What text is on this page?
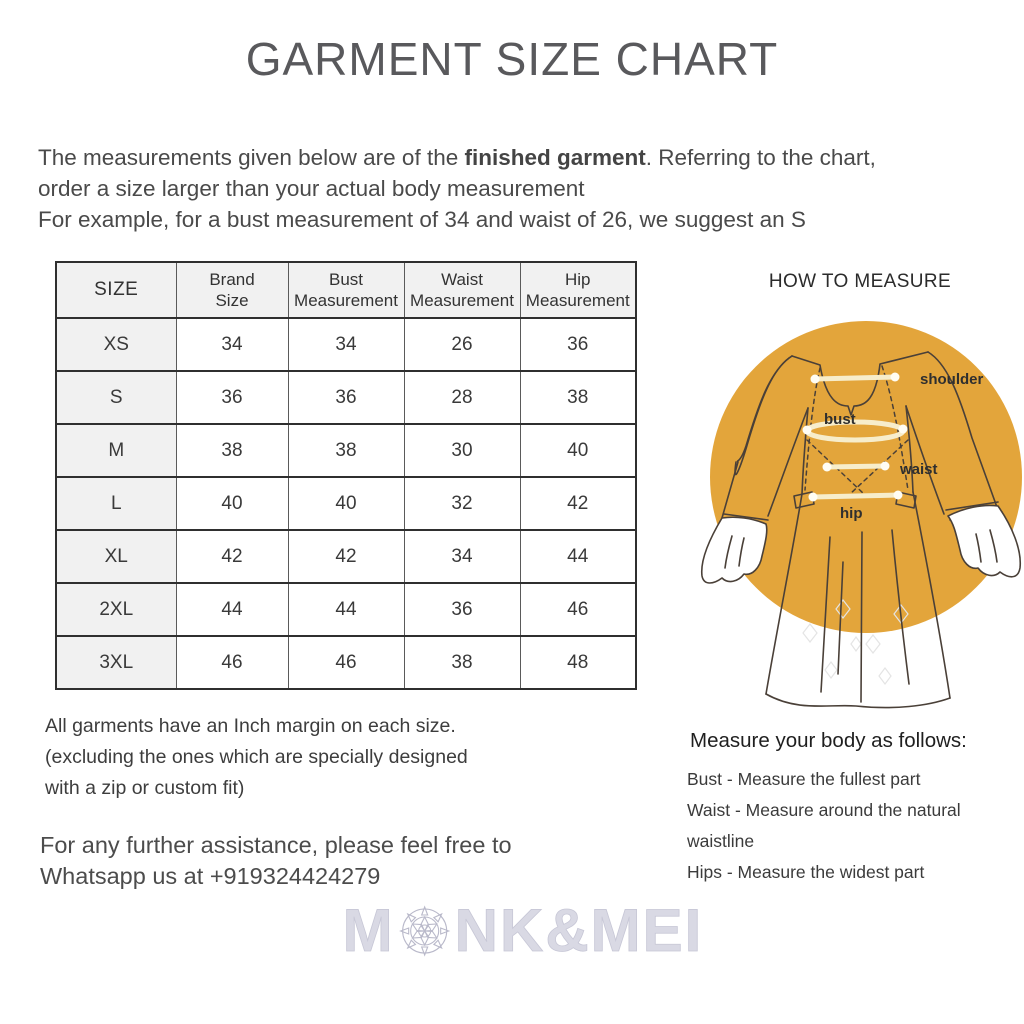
GARMENT SIZE CHART
The measurements given below are of the finished garment. Referring to the chart,
order a size larger than your actual body measurement
For example, for a bust measurement of 34 and waist of 26, we suggest an S
SIZE	Brand Size	Bust Measurement	Waist Measurement	Hip Measurement
XS	34	34	26	36
S	36	36	28	38
M	38	38	30	40
L	40	40	32	42
XL	42	42	34	44
2XL	44	44	36	46
3XL	46	46	38	48
HOW TO MEASURE
shoulder
bust
waist
hip
All garments have an Inch margin on each size.
(excluding the ones which are specially designed
with a zip or custom fit)
For any further assistance, please feel free to
Whatsapp us at +919324424279
Measure your body as follows:
Bust - Measure the fullest part
Waist - Measure around the natural waistline
Hips - Measure the widest part
M NK&MEI
